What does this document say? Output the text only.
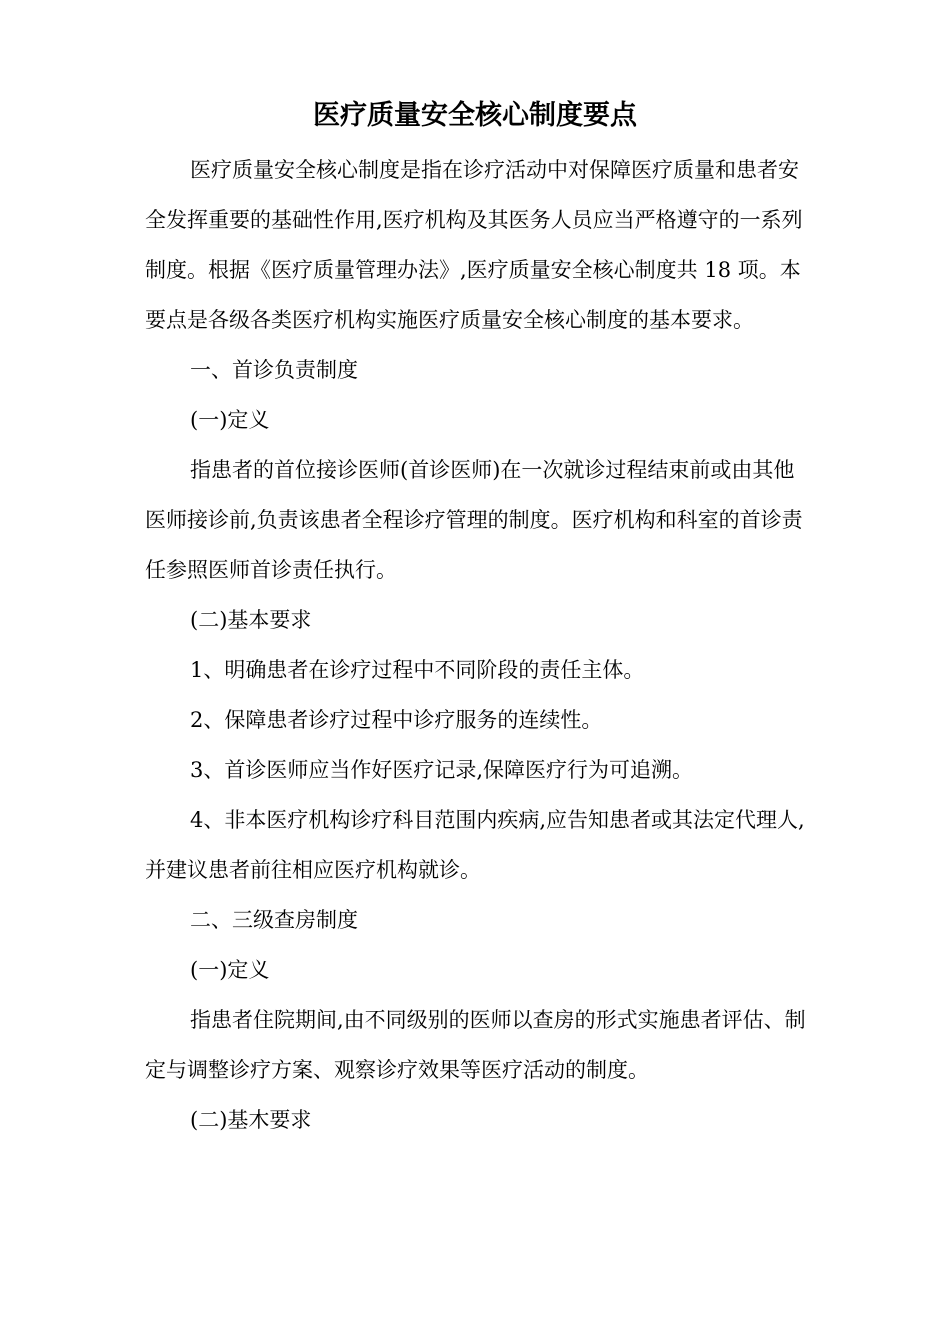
医疗质量安全核心制度要点

医疗质量安全核心制度是指在诊疗活动中对保障医疗质量和患者安全发挥重要的基础性作用,医疗机构及其医务人员应当严格遵守的一系列制度。根据《医疗质量管理办法》,医疗质量安全核心制度共 18 项。本要点是各级各类医疗机构实施医疗质量安全核心制度的基本要求。

一、首诊负责制度

(一)定义

指患者的首位接诊医师(首诊医师)在一次就诊过程结束前或由其他医师接诊前,负责该患者全程诊疗管理的制度。医疗机构和科室的首诊责任参照医师首诊责任执行。

(二)基本要求

1、明确患者在诊疗过程中不同阶段的责任主体。

2、保障患者诊疗过程中诊疗服务的连续性。

3、首诊医师应当作好医疗记录,保障医疗行为可追溯。

4、非本医疗机构诊疗科目范围内疾病,应告知患者或其法定代理人,并建议患者前往相应医疗机构就诊。

二、三级查房制度

(一)定义

指患者住院期间,由不同级别的医师以查房的形式实施患者评估、制定与调整诊疗方案、观察诊疗效果等医疗活动的制度。

(二)基木要求
